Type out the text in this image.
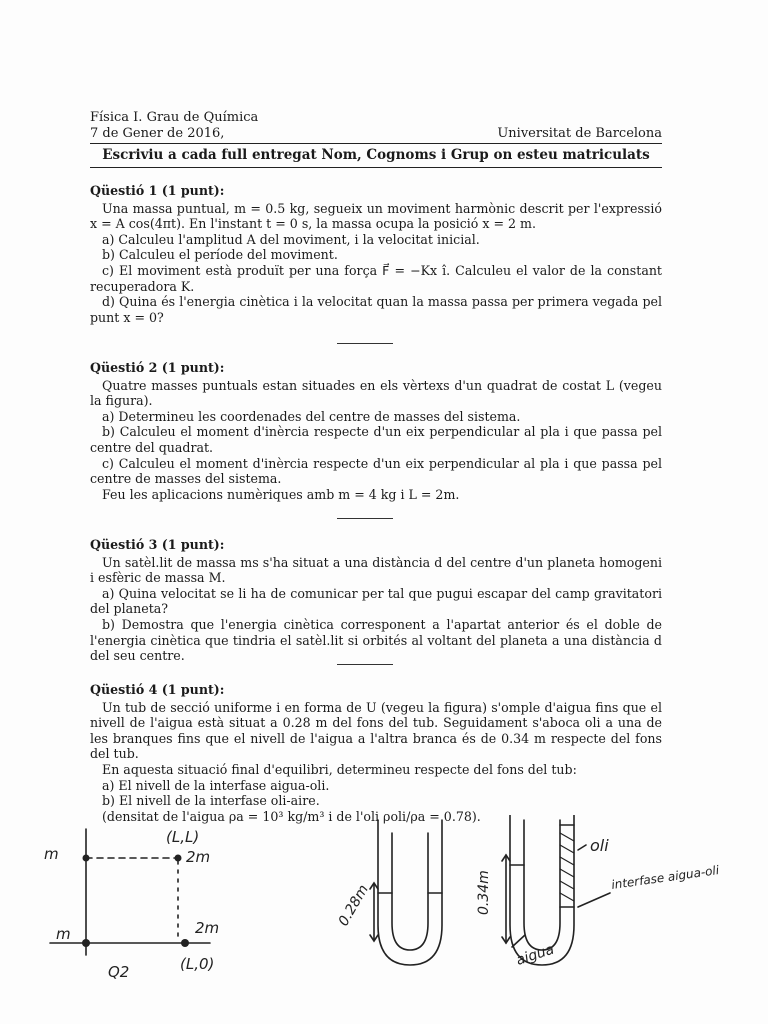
Física I. Grau de Química
7 de Gener de 2016,	Universitat de Barcelona
Escriviu a cada full entregat Nom, Cognoms i Grup on esteu matriculats
Qüestió 1 (1 punt):

Una massa puntual, m = 0.5 kg, segueix un moviment harmònic descrit per l'expressió x = A cos(4πt). En l'instant t = 0 s, la massa ocupa la posició x = 2 m.

a) Calculeu l'amplitud A del moviment, i la velocitat inicial.

b) Calculeu el període del moviment.

c) El moviment està produït per una força F⃗ = −Kx î. Calculeu el valor de la constant recuperadora K.

d) Quina és l'energia cinètica i la velocitat quan la massa passa per primera vegada pel punt x = 0?

Qüestió 2 (1 punt):

Quatre masses puntuals estan situades en els vèrtexs d'un quadrat de costat L (vegeu la figura).

a) Determineu les coordenades del centre de masses del sistema.

b) Calculeu el moment d'inèrcia respecte d'un eix perpendicular al pla i que passa pel centre del quadrat.

c) Calculeu el moment d'inèrcia respecte d'un eix perpendicular al pla i que passa pel centre de masses del sistema.

Feu les aplicacions numèriques amb m = 4 kg i L = 2m.

Qüestió 3 (1 punt):

Un satèl.lit de massa ms s'ha situat a una distància d del centre d'un planeta homogeni i esfèric de massa M.

a) Quina velocitat se li ha de comunicar per tal que pugui escapar del camp gravitatori del planeta?

b) Demostra que l'energia cinètica corresponent a l'apartat anterior és el doble de l'energia cinètica que tindria el satèl.lit si orbités al voltant del planeta a una distància d del seu centre.

Qüestió 4 (1 punt):

Un tub de secció uniforme i en forma de U (vegeu la figura) s'omple d'aigua fins que el nivell de l'aigua està situat a 0.28 m del fons del tub. Seguidament s'aboca oli a una de les branques fins que el nivell de l'aigua a l'altra branca és de 0.34 m respecte del fons del tub.

En aquesta situació final d'equilibri, determineu respecte del fons del tub:

a) El nivell de la interfase aigua-oli.

b) El nivell de la interfase oli-aire.

(densitat de l'aigua ρa = 10³ kg/m³ i de l'oli ρoli/ρa = 0.78).

m
m
(L,L)
2m
2m
(L,0)
Q2
0.28m	0.34m
oli
interfase aigua-oli
aigua
